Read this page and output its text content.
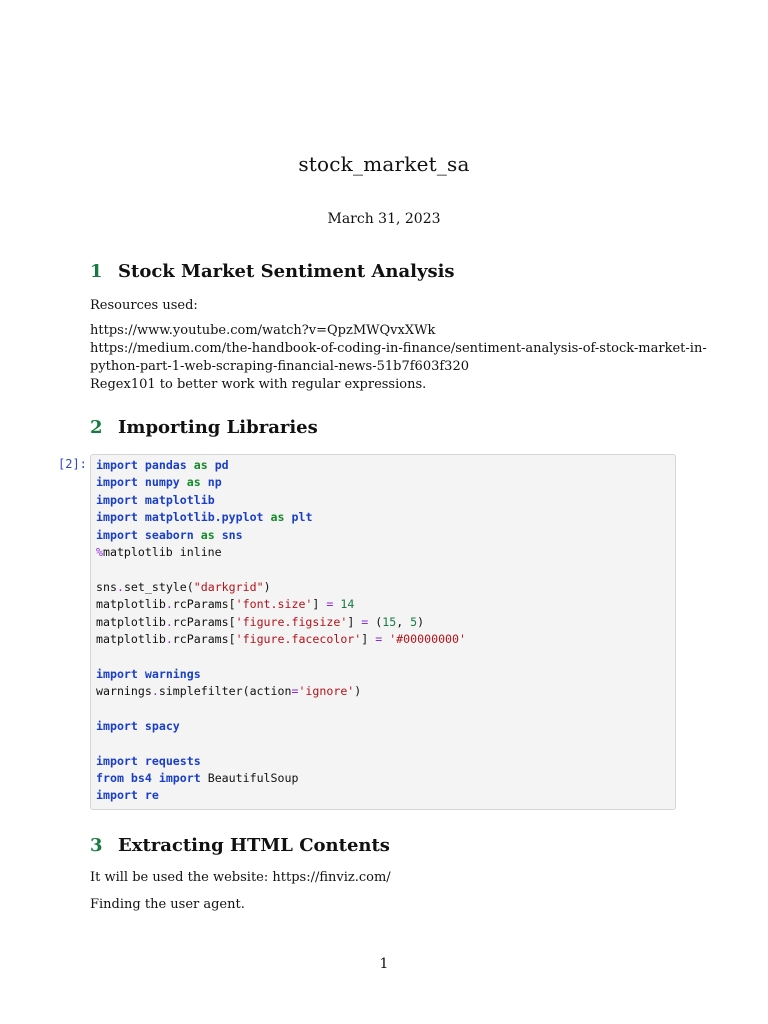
stock_market_sa
March 31, 2023
1 Stock Market Sentiment Analysis
Resources used:
https://www.youtube.com/watch?v=QpzMWQvxXWk
https://medium.com/the-handbook-of-coding-in-finance/sentiment-analysis-of-stock-market-in-
python-part-1-web-scraping-financial-news-51b7f603f320
Regex101 to better work with regular expressions.
2 Importing Libraries
[2]: import pandas as pd
import numpy as np
import matplotlib
import matplotlib.pyplot as plt
import seaborn as sns
%matplotlib inline

sns.set_style("darkgrid")
matplotlib.rcParams['font.size'] = 14
matplotlib.rcParams['figure.figsize'] = (15, 5)
matplotlib.rcParams['figure.facecolor'] = '#00000000'

import warnings
warnings.simplefilter(action='ignore')

import spacy

import requests
from bs4 import BeautifulSoup
import re
3 Extracting HTML Contents
It will be used the website: https://finviz.com/
Finding the user agent.
1
